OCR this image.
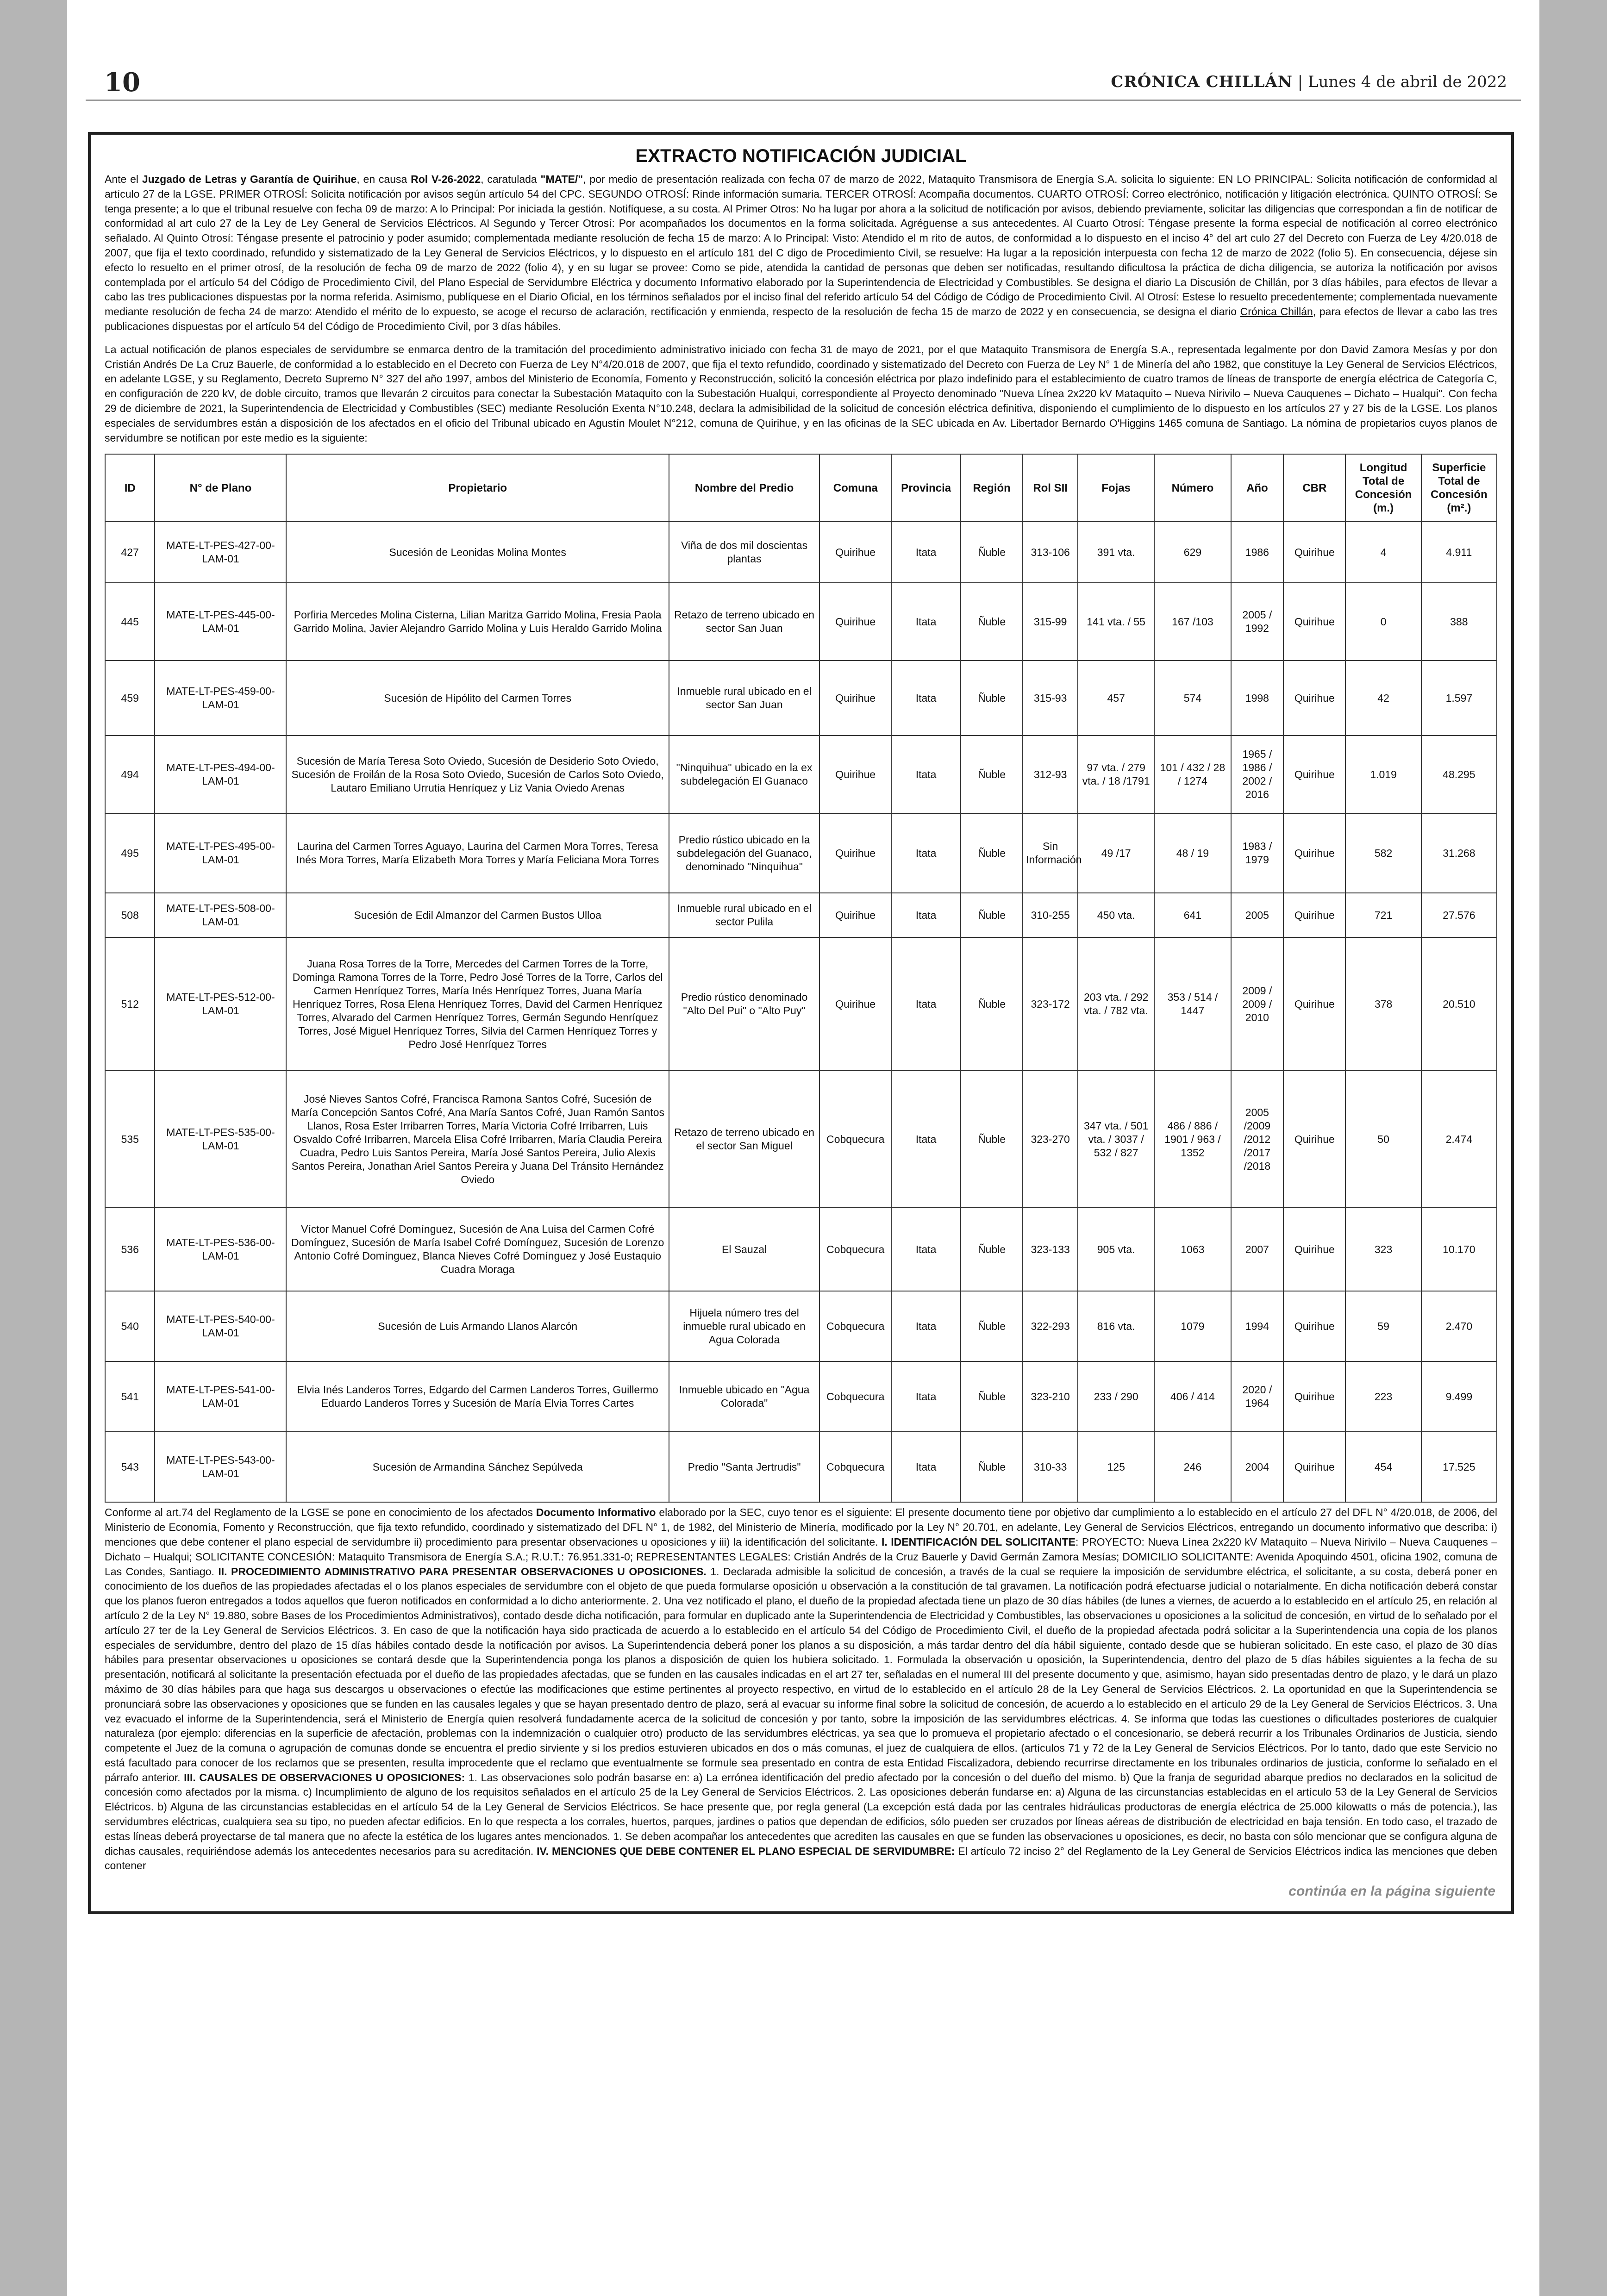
10	CRÓNICA CHILLÁN | Lunes 4 de abril de 2022
EXTRACTO NOTIFICACIÓN JUDICIAL

Ante el Juzgado de Letras y Garantía de Quirihue, en causa Rol V-26-2022, caratulada "MATE/", por medio de presentación realizada con fecha 07 de marzo de 2022, Mataquito Transmisora de Energía S.A. solicita lo siguiente: EN LO PRINCIPAL: Solicita notificación de conformidad al artículo 27 de la LGSE. PRIMER OTROSÍ: Solicita notificación por avisos según artículo 54 del CPC. SEGUNDO OTROSÍ: Rinde información sumaria. TERCER OTROSÍ: Acompaña documentos. CUARTO OTROSÍ: Correo electrónico, notificación y litigación electrónica. QUINTO OTROSÍ: Se tenga presente; a lo que el tribunal resuelve con fecha 09 de marzo: A lo Principal: Por iniciada la gestión. Notifíquese, a su costa. Al Primer Otros: No ha lugar por ahora a la solicitud de notificación por avisos, debiendo previamente, solicitar las diligencias que correspondan a fin de notificar de conformidad al art culo 27 de la Ley de Ley General de Servicios Eléctricos. Al Segundo y Tercer Otrosí: Por acompañados los documentos en la forma solicitada. Agréguense a sus antecedentes. Al Cuarto Otrosí: Téngase presente la forma especial de notificación al correo electrónico señalado. Al Quinto Otrosí: Téngase presente el patrocinio y poder asumido; complementada mediante resolución de fecha 15 de marzo: A lo Principal: Visto: Atendido el m rito de autos, de conformidad a lo dispuesto en el inciso 4° del art culo 27 del Decreto con Fuerza de Ley 4/20.018 de 2007, que fija el texto coordinado, refundido y sistematizado de la Ley General de Servicios Eléctricos, y lo dispuesto en el artículo 181 del C digo de Procedimiento Civil, se resuelve: Ha lugar a la reposición interpuesta con fecha 12 de marzo de 2022 (folio 5). En consecuencia, déjese sin efecto lo resuelto en el primer otrosí, de la resolución de fecha 09 de marzo de 2022 (folio 4), y en su lugar se provee: Como se pide, atendida la cantidad de personas que deben ser notificadas, resultando dificultosa la práctica de dicha diligencia, se autoriza la notificación por avisos contemplada por el artículo 54 del Código de Procedimiento Civil, del Plano Especial de Servidumbre Eléctrica y documento Informativo elaborado por la Superintendencia de Electricidad y Combustibles. Se designa el diario La Discusión de Chillán, por 3 días hábiles, para efectos de llevar a cabo las tres publicaciones dispuestas por la norma referida. Asimismo, publíquese en el Diario Oficial, en los términos señalados por el inciso final del referido artículo 54 del Código de Código de Procedimiento Civil. Al Otrosí: Estese lo resuelto precedentemente; complementada nuevamente mediante resolución de fecha 24 de marzo: Atendido el mérito de lo expuesto, se acoge el recurso de aclaración, rectificación y enmienda, respecto de la resolución de fecha 15 de marzo de 2022 y en consecuencia, se designa el diario Crónica Chillán, para efectos de llevar a cabo las tres publicaciones dispuestas por el artículo 54 del Código de Procedimiento Civil, por 3 días hábiles.

La actual notificación de planos especiales de servidumbre se enmarca dentro de la tramitación del procedimiento administrativo iniciado con fecha 31 de mayo de 2021, por el que Mataquito Transmisora de Energía S.A., representada legalmente por don David Zamora Mesías y por don Cristián Andrés De La Cruz Bauerle, de conformidad a lo establecido en el Decreto con Fuerza de Ley N°4/20.018 de 2007, que fija el texto refundido, coordinado y sistematizado del Decreto con Fuerza de Ley N° 1 de Minería del año 1982, que constituye la Ley General de Servicios Eléctricos, en adelante LGSE, y su Reglamento, Decreto Supremo N° 327 del año 1997, ambos del Ministerio de Economía, Fomento y Reconstrucción, solicitó la concesión eléctrica por plazo indefinido para el establecimiento de cuatro tramos de líneas de transporte de energía eléctrica de Categoría C, en configuración de 220 kV, de doble circuito, tramos que llevarán 2 circuitos para conectar la Subestación Mataquito con la Subestación Hualqui, correspondiente al Proyecto denominado "Nueva Línea 2x220 kV Mataquito – Nueva Nirivilo – Nueva Cauquenes – Dichato – Hualqui". Con fecha 29 de diciembre de 2021, la Superintendencia de Electricidad y Combustibles (SEC) mediante Resolución Exenta N°10.248, declara la admisibilidad de la solicitud de concesión eléctrica definitiva, disponiendo el cumplimiento de lo dispuesto en los artículos 27 y 27 bis de la LGSE. Los planos especiales de servidumbres están a disposición de los afectados en el oficio del Tribunal ubicado en Agustín Moulet N°212, comuna de Quirihue, y en las oficinas de la SEC ubicada en Av. Libertador Bernardo O'Higgins 1465 comuna de Santiago. La nómina de propietarios cuyos planos de servidumbre se notifican por este medio es la siguiente:

ID	N° de Plano	Propietario	Nombre del Predio	Comuna	Provincia	Región	Rol SII	Fojas	Número	Año	CBR	Longitud Total de Concesión (m.)	Superficie Total de Concesión (m².)
427	MATE-LT-PES-427-00-LAM-01	Sucesión de Leonidas Molina Montes	Viña de dos mil doscientas plantas	Quirihue	Itata	Ñuble	313-106	391 vta.	629	1986	Quirihue	4	4.911
445	MATE-LT-PES-445-00-LAM-01	Porfiria Mercedes Molina Cisterna, Lilian Maritza Garrido Molina, Fresia Paola Garrido Molina, Javier Alejandro Garrido Molina y Luis Heraldo Garrido Molina	Retazo de terreno ubicado en sector San Juan	Quirihue	Itata	Ñuble	315-99	141 vta. / 55	167 /103	2005 / 1992	Quirihue	0	388
459	MATE-LT-PES-459-00-LAM-01	Sucesión de Hipólito del Carmen Torres	Inmueble rural ubicado en el sector San Juan	Quirihue	Itata	Ñuble	315-93	457	574	1998	Quirihue	42	1.597
494	MATE-LT-PES-494-00-LAM-01	Sucesión de María Teresa Soto Oviedo, Sucesión de Desiderio Soto Oviedo, Sucesión de Froilán de la Rosa Soto Oviedo, Sucesión de Carlos Soto Oviedo, Lautaro Emiliano Urrutia Henríquez y Liz Vania Oviedo Arenas	"Ninquihua" ubicado en la ex subdelegación El Guanaco	Quirihue	Itata	Ñuble	312-93	97 vta. / 279 vta. / 18 /1791	101 / 432 / 28 / 1274	1965 / 1986 / 2002 / 2016	Quirihue	1.019	48.295
495	MATE-LT-PES-495-00-LAM-01	Laurina del Carmen Torres Aguayo, Laurina del Carmen Mora Torres, Teresa Inés Mora Torres, María Elizabeth Mora Torres y María Feliciana Mora Torres	Predio rústico ubicado en la subdelegación del Guanaco, denominado "Ninquihua"	Quirihue	Itata	Ñuble	Sin Información	49 /17	48 / 19	1983 / 1979	Quirihue	582	31.268
508	MATE-LT-PES-508-00-LAM-01	Sucesión de Edil Almanzor del Carmen Bustos Ulloa	Inmueble rural ubicado en el sector Pulila	Quirihue	Itata	Ñuble	310-255	450 vta.	641	2005	Quirihue	721	27.576
512	MATE-LT-PES-512-00-LAM-01	Juana Rosa Torres de la Torre, Mercedes del Carmen Torres de la Torre, Dominga Ramona Torres de la Torre, Pedro José Torres de la Torre, Carlos del Carmen Henríquez Torres, María Inés Henríquez Torres, Juana María Henríquez Torres, Rosa Elena Henríquez Torres, David del Carmen Henríquez Torres, Alvarado del Carmen Henríquez Torres, Germán Segundo Henríquez Torres, José Miguel Henríquez Torres, Silvia del Carmen Henríquez Torres y Pedro José Henríquez Torres	Predio rústico denominado "Alto Del Pui" o "Alto Puy"	Quirihue	Itata	Ñuble	323-172	203 vta. / 292 vta. / 782 vta.	353 / 514 / 1447	2009 / 2009 / 2010	Quirihue	378	20.510
535	MATE-LT-PES-535-00-LAM-01	José Nieves Santos Cofré, Francisca Ramona Santos Cofré, Sucesión de María Concepción Santos Cofré, Ana María Santos Cofré, Juan Ramón Santos Llanos, Rosa Ester Irribarren Torres, María Victoria Cofré Irribarren, Luis Osvaldo Cofré Irribarren, Marcela Elisa Cofré Irribarren, María Claudia Pereira Cuadra, Pedro Luis Santos Pereira, María José Santos Pereira, Julio Alexis Santos Pereira, Jonathan Ariel Santos Pereira y Juana Del Tránsito Hernández Oviedo	Retazo de terreno ubicado en el sector San Miguel	Cobquecura	Itata	Ñuble	323-270	347 vta. / 501 vta. / 3037 / 532 / 827	486 / 886 / 1901 / 963 / 1352	2005 /2009 /2012 /2017 /2018	Quirihue	50	2.474
536	MATE-LT-PES-536-00-LAM-01	Víctor Manuel Cofré Domínguez, Sucesión de Ana Luisa del Carmen Cofré Domínguez, Sucesión de María Isabel Cofré Domínguez, Sucesión de Lorenzo Antonio Cofré Domínguez, Blanca Nieves Cofré Domínguez y José Eustaquio Cuadra Moraga	El Sauzal	Cobquecura	Itata	Ñuble	323-133	905 vta.	1063	2007	Quirihue	323	10.170
540	MATE-LT-PES-540-00-LAM-01	Sucesión de Luis Armando Llanos Alarcón	Hijuela número tres del inmueble rural ubicado en Agua Colorada	Cobquecura	Itata	Ñuble	322-293	816 vta.	1079	1994	Quirihue	59	2.470
541	MATE-LT-PES-541-00-LAM-01	Elvia Inés Landeros Torres, Edgardo del Carmen Landeros Torres, Guillermo Eduardo Landeros Torres y Sucesión de María Elvia Torres Cartes	Inmueble ubicado en "Agua Colorada"	Cobquecura	Itata	Ñuble	323-210	233 / 290	406 / 414	2020 / 1964	Quirihue	223	9.499
543	MATE-LT-PES-543-00-LAM-01	Sucesión de Armandina Sánchez Sepúlveda	Predio "Santa Jertrudis"	Cobquecura	Itata	Ñuble	310-33	125	246	2004	Quirihue	454	17.525
Conforme al art.74 del Reglamento de la LGSE se pone en conocimiento de los afectados Documento Informativo elaborado por la SEC, cuyo tenor es el siguiente: El presente documento tiene por objetivo dar cumplimiento a lo establecido en el artículo 27 del DFL N° 4/20.018, de 2006, del Ministerio de Economía, Fomento y Reconstrucción, que fija texto refundido, coordinado y sistematizado del DFL N° 1, de 1982, del Ministerio de Minería, modificado por la Ley N° 20.701, en adelante, Ley General de Servicios Eléctricos, entregando un documento informativo que describa: i) menciones que debe contener el plano especial de servidumbre ii) procedimiento para presentar observaciones u oposiciones y iii) la identificación del solicitante. I. IDENTIFICACIÓN DEL SOLICITANTE: PROYECTO: Nueva Línea 2x220 kV Mataquito – Nueva Nirivilo – Nueva Cauquenes – Dichato – Hualqui; SOLICITANTE CONCESIÓN: Mataquito Transmisora de Energía S.A.; R.U.T.: 76.951.331-0; REPRESENTANTES LEGALES: Cristián Andrés de la Cruz Bauerle y David Germán Zamora Mesías; DOMICILIO SOLICITANTE: Avenida Apoquindo 4501, oficina 1902, comuna de Las Condes, Santiago. II. PROCEDIMIENTO ADMINISTRATIVO PARA PRESENTAR OBSERVACIONES U OPOSICIONES. 1. Declarada admisible la solicitud de concesión, a través de la cual se requiere la imposición de servidumbre eléctrica, el solicitante, a su costa, deberá poner en conocimiento de los dueños de las propiedades afectadas el o los planos especiales de servidumbre con el objeto de que pueda formularse oposición u observación a la constitución de tal gravamen. La notificación podrá efectuarse judicial o notarialmente. En dicha notificación deberá constar que los planos fueron entregados a todos aquellos que fueron notificados en conformidad a lo dicho anteriormente. 2. Una vez notificado el plano, el dueño de la propiedad afectada tiene un plazo de 30 días hábiles (de lunes a viernes, de acuerdo a lo establecido en el artículo 25, en relación al artículo 2 de la Ley N° 19.880, sobre Bases de los Procedimientos Administrativos), contado desde dicha notificación, para formular en duplicado ante la Superintendencia de Electricidad y Combustibles, las observaciones u oposiciones a la solicitud de concesión, en virtud de lo señalado por el artículo 27 ter de la Ley General de Servicios Eléctricos. 3. En caso de que la notificación haya sido practicada de acuerdo a lo establecido en el artículo 54 del Código de Procedimiento Civil, el dueño de la propiedad afectada podrá solicitar a la Superintendencia una copia de los planos especiales de servidumbre, dentro del plazo de 15 días hábiles contado desde la notificación por avisos. La Superintendencia deberá poner los planos a su disposición, a más tardar dentro del día hábil siguiente, contado desde que se hubieran solicitado. En este caso, el plazo de 30 días hábiles para presentar observaciones u oposiciones se contará desde que la Superintendencia ponga los planos a disposición de quien los hubiera solicitado. 1. Formulada la observación u oposición, la Superintendencia, dentro del plazo de 5 días hábiles siguientes a la fecha de su presentación, notificará al solicitante la presentación efectuada por el dueño de las propiedades afectadas, que se funden en las causales indicadas en el art 27 ter, señaladas en el numeral III del presente documento y que, asimismo, hayan sido presentadas dentro de plazo, y le dará un plazo máximo de 30 días hábiles para que haga sus descargos u observaciones o efectúe las modificaciones que estime pertinentes al proyecto respectivo, en virtud de lo establecido en el artículo 28 de la Ley General de Servicios Eléctricos. 2. La oportunidad en que la Superintendencia se pronunciará sobre las observaciones y oposiciones que se funden en las causales legales y que se hayan presentado dentro de plazo, será al evacuar su informe final sobre la solicitud de concesión, de acuerdo a lo establecido en el artículo 29 de la Ley General de Servicios Eléctricos. 3. Una vez evacuado el informe de la Superintendencia, será el Ministerio de Energía quien resolverá fundadamente acerca de la solicitud de concesión y por tanto, sobre la imposición de las servidumbres eléctricas. 4. Se informa que todas las cuestiones o dificultades posteriores de cualquier naturaleza (por ejemplo: diferencias en la superficie de afectación, problemas con la indemnización o cualquier otro) producto de las servidumbres eléctricas, ya sea que lo promueva el propietario afectado o el concesionario, se deberá recurrir a los Tribunales Ordinarios de Justicia, siendo competente el Juez de la comuna o agrupación de comunas donde se encuentra el predio sirviente y si los predios estuvieren ubicados en dos o más comunas, el juez de cualquiera de ellos. (artículos 71 y 72 de la Ley General de Servicios Eléctricos. Por lo tanto, dado que este Servicio no está facultado para conocer de los reclamos que se presenten, resulta improcedente que el reclamo que eventualmente se formule sea presentado en contra de esta Entidad Fiscalizadora, debiendo recurrirse directamente en los tribunales ordinarios de justicia, conforme lo señalado en el párrafo anterior. III. CAUSALES DE OBSERVACIONES U OPOSICIONES: 1. Las observaciones solo podrán basarse en: a) La errónea identificación del predio afectado por la concesión o del dueño del mismo. b) Que la franja de seguridad abarque predios no declarados en la solicitud de concesión como afectados por la misma. c) Incumplimiento de alguno de los requisitos señalados en el artículo 25 de la Ley General de Servicios Eléctricos. 2. Las oposiciones deberán fundarse en: a) Alguna de las circunstancias establecidas en el artículo 53 de la Ley General de Servicios Eléctricos. b) Alguna de las circunstancias establecidas en el artículo 54 de la Ley General de Servicios Eléctricos. Se hace presente que, por regla general (La excepción está dada por las centrales hidráulicas productoras de energía eléctrica de 25.000 kilowatts o más de potencia.), las servidumbres eléctricas, cualquiera sea su tipo, no pueden afectar edificios. En lo que respecta a los corrales, huertos, parques, jardines o patios que dependan de edificios, sólo pueden ser cruzados por líneas aéreas de distribución de electricidad en baja tensión. En todo caso, el trazado de estas líneas deberá proyectarse de tal manera que no afecte la estética de los lugares antes mencionados. 1. Se deben acompañar los antecedentes que acrediten las causales en que se funden las observaciones u oposiciones, es decir, no basta con sólo mencionar que se configura alguna de dichas causales, requiriéndose además los antecedentes necesarios para su acreditación. IV. MENCIONES QUE DEBE CONTENER EL PLANO ESPECIAL DE SERVIDUMBRE: El artículo 72 inciso 2° del Reglamento de la Ley General de Servicios Eléctricos indica las menciones que deben contener
continúa en la página siguiente
